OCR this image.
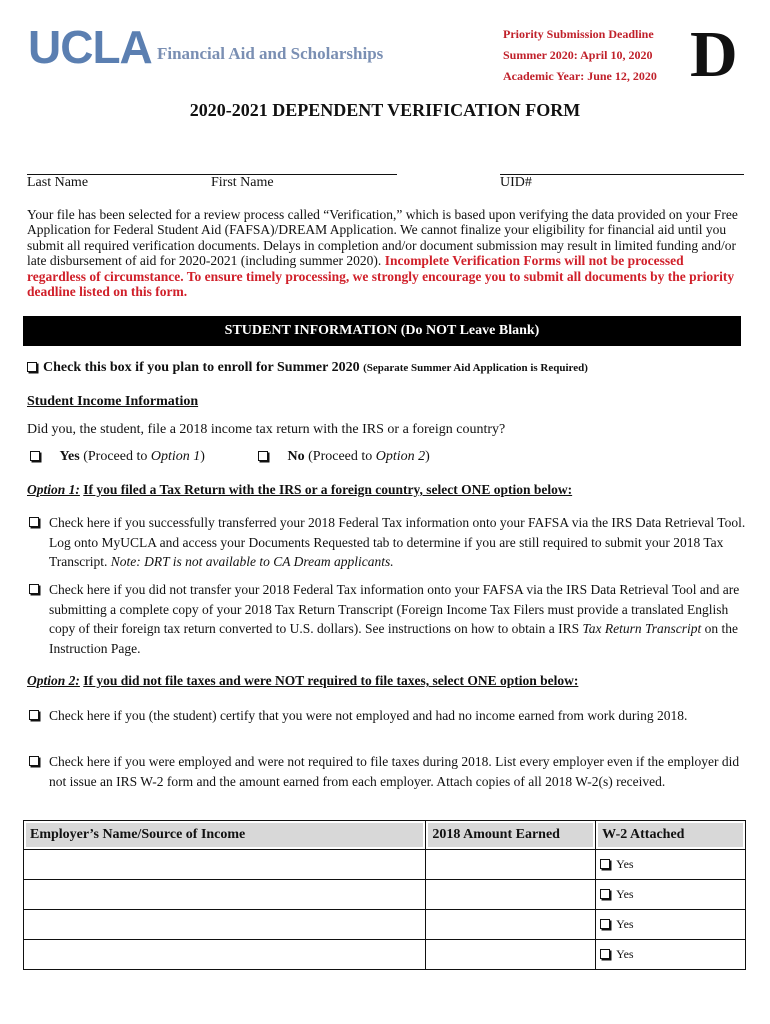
UCLA Financial Aid and Scholarships
Priority Submission Deadline
Summer 2020: April 10, 2020
Academic Year: June 12, 2020 D
2020-2021 DEPENDENT VERIFICATION FORM
Last Name	First Name	UID#
Your file has been selected for a review process called “Verification,” which is based upon verifying the data provided on your Free Application for Federal Student Aid (FAFSA)/DREAM Application. We cannot finalize your eligibility for financial aid until you submit all required verification documents. Delays in completion and/or document submission may result in limited funding and/or late disbursement of aid for 2020-2021 (including summer 2020). Incomplete Verification Forms will not be processed regardless of circumstance. To ensure timely processing, we strongly encourage you to submit all documents by the priority deadline listed on this form.
STUDENT INFORMATION (Do NOT Leave Blank)
Check this box if you plan to enroll for Summer 2020 (Separate Summer Aid Application is Required)
Student Income Information
Did you, the student, file a 2018 income tax return with the IRS or a foreign country?
Yes (Proceed to Option 1)	No (Proceed to Option 2)
Option 1: If you filed a Tax Return with the IRS or a foreign country, select ONE option below:
Check here if you successfully transferred your 2018 Federal Tax information onto your FAFSA via the IRS Data Retrieval Tool. Log onto MyUCLA and access your Documents Requested tab to determine if you are still required to submit your 2018 Tax Transcript. Note: DRT is not available to CA Dream applicants.
Check here if you did not transfer your 2018 Federal Tax information onto your FAFSA via the IRS Data Retrieval Tool and are submitting a complete copy of your 2018 Tax Return Transcript (Foreign Income Tax Filers must provide a translated English copy of their foreign tax return converted to U.S. dollars). See instructions on how to obtain a IRS Tax Return Transcript on the Instruction Page.
Option 2: If you did not file taxes and were NOT required to file taxes, select ONE option below:
Check here if you (the student) certify that you were not employed and had no income earned from work during 2018.
Check here if you were employed and were not required to file taxes during 2018. List every employer even if the employer did not issue an IRS W-2 form and the amount earned from each employer. Attach copies of all 2018 W-2(s) received.
Employer’s Name/Source of Income	2018 Amount Earned	W-2 Attached
		Yes
		Yes
		Yes
		Yes
